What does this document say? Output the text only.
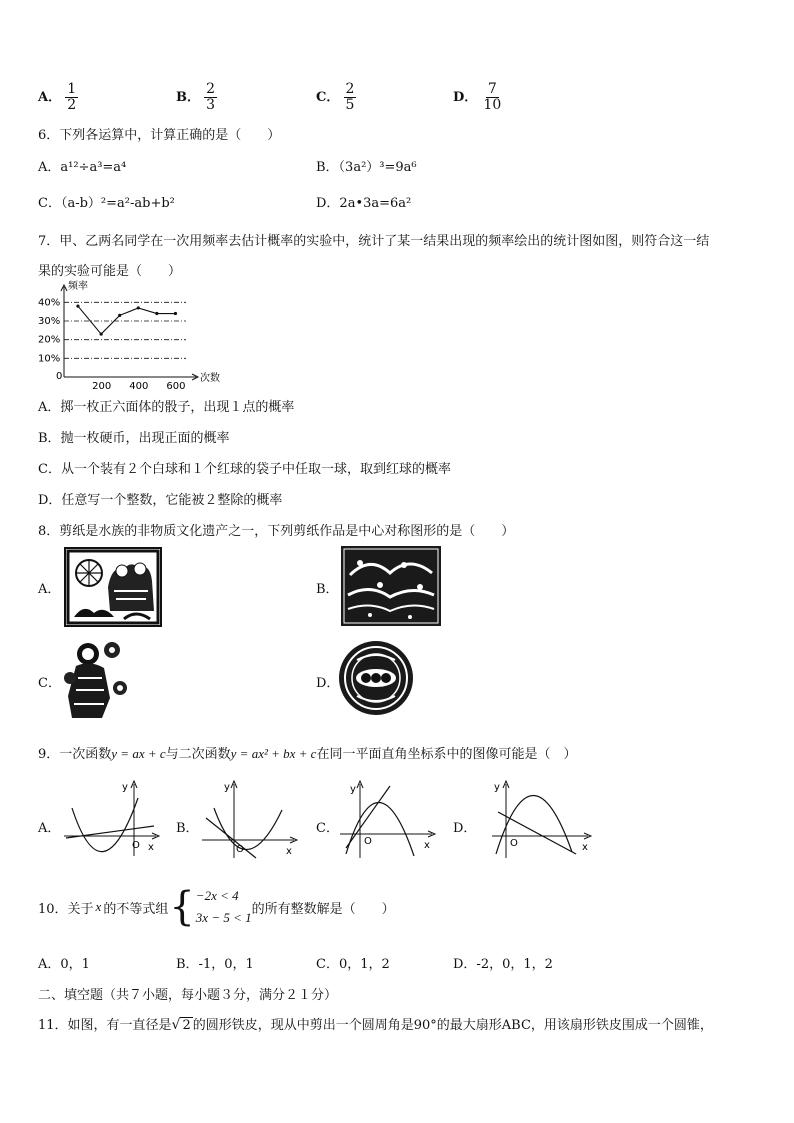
A． $\frac{1}{2}$	B． $\frac{2}{3}$	C． $\frac{2}{5}$	D． $\frac{7}{10}$
6．下列各运算中，计算正确的是（　　）
A．a¹²÷a³=a⁴	B．（3a²）³=9a⁶
C．（a-b）²=a²-ab+b²	D．2a•3a=6a²
7．甲、乙两名同学在一次用频率去估计概率的实验中，统计了某一结果出现的频率绘出的统计图如图，则符合这一结
果的实验可能是（　　）
频率
次数
10%
20%
30%
40%
0
200 400 600
A．掷一枚正六面体的骰子，出现１点的概率
B．抛一枚硬币，出现正面的概率
C．从一个装有２个白球和１个红球的袋子中任取一球，取到红球的概率
D．任意写一个整数，它能被２整除的概率
8．剪纸是水族的非物质文化遗产之一，下列剪纸作品是中心对称图形的是（　　）
A．	B．
C．	D．
9．一次函数y = ax + c与二次函数y = ax² + bx + c在同一平面直角坐标系中的图像可能是（　）
A．	B．	C．	D．
y
x
O
y
x
O
y
x
O
y
x
O
10．关于 x 的不等式组 { −2x < 4
3x − 5 < 1
的所有整数解是（　　）
A．0，1	B．-1，0，1	C．0，1，2	D．-2，0，1，2
二、填空题（共７小题，每小题３分，满分２１分）
11．如图，有一直径是√ 2 的圆形铁皮，现从中剪出一个圆周角是90°的最大扇形ABC，用该扇形铁皮围成一个圆锥，
